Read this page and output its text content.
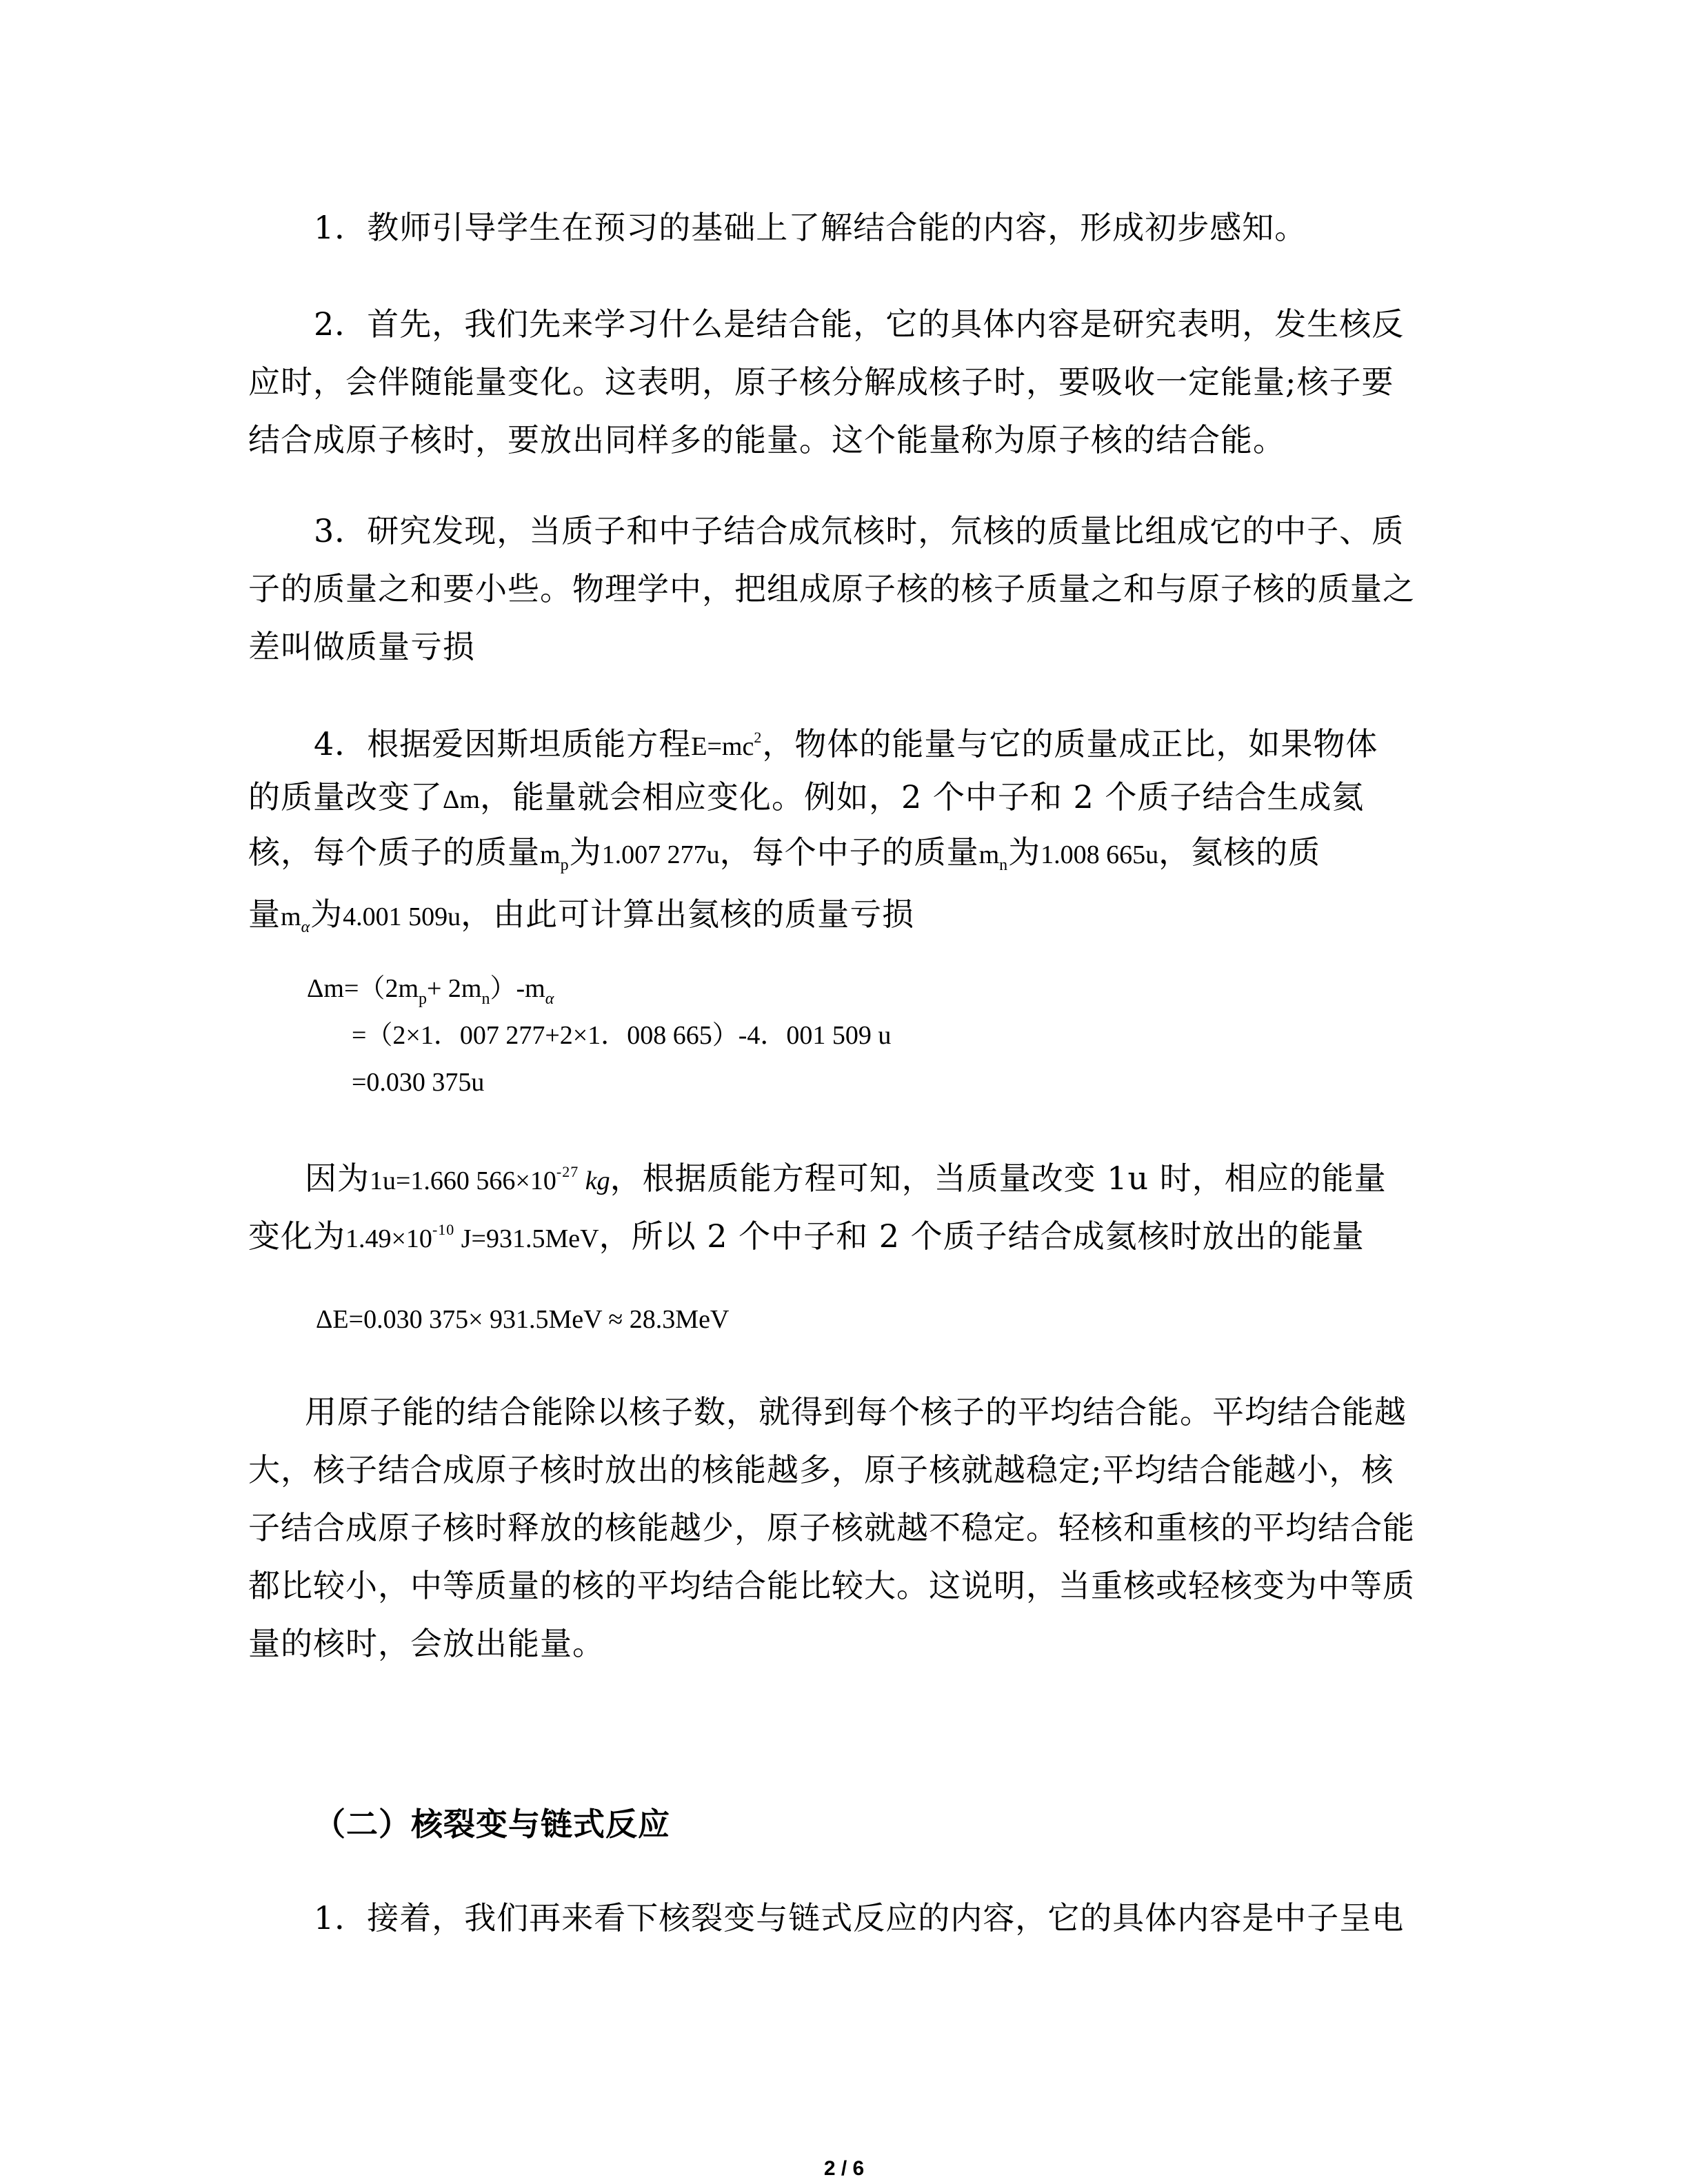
1．教师引导学生在预习的基础上了解结合能的内容，形成初步感知。
2．首先，我们先来学习什么是结合能，它的具体内容是研究表明，发生核反
应时，会伴随能量变化。这表明，原子核分解成核子时，要吸收一定能量;核子要
结合成原子核时，要放出同样多的能量。这个能量称为原子核的结合能。
3．研究发现，当质子和中子结合成氘核时，氘核的质量比组成它的中子、质
子的质量之和要小些。物理学中，把组成原子核的核子质量之和与原子核的质量之
差叫做质量亏损
4．根据爱因斯坦质能方程$E=mc^2$，物体的能量与它的质量成正比，如果物体
的质量改变了Δm，能量就会相应变化。例如，2 个中子和 2 个质子结合生成氦
核，每个质子的质量$m_p$为1.007 277u，每个中子的质量$m_n$为1.008 665u，氦核的质
量$m_\alpha$为4.001 509u，由此可计算出氦核的质量亏损
$\Delta m=(2m_p+ 2m_n)-m_\alpha$
=（2×1．007 277+2×1．008 665）-4．001 509 u
=0.030 375u
因为1u=1.660 $566\times 10^{-27}$ kg，根据质能方程可知，当质量改变 1u 时，相应的能量
变化为$1.49\times 10^{-10}$ J=931.5MeV，所以 2 个中子和 2 个质子结合成氦核时放出的能量
ΔE=0.030 375× 931.5MeV ≈ 28.3MeV
用原子能的结合能除以核子数，就得到每个核子的平均结合能。平均结合能越
大，核子结合成原子核时放出的核能越多，原子核就越稳定;平均结合能越小，核
子结合成原子核时释放的核能越少，原子核就越不稳定。轻核和重核的平均结合能
都比较小，中等质量的核的平均结合能比较大。这说明，当重核或轻核变为中等质
量的核时，会放出能量。
（二）核裂变与链式反应
1．接着，我们再来看下核裂变与链式反应的内容，它的具体内容是中子呈电
2 / 6
